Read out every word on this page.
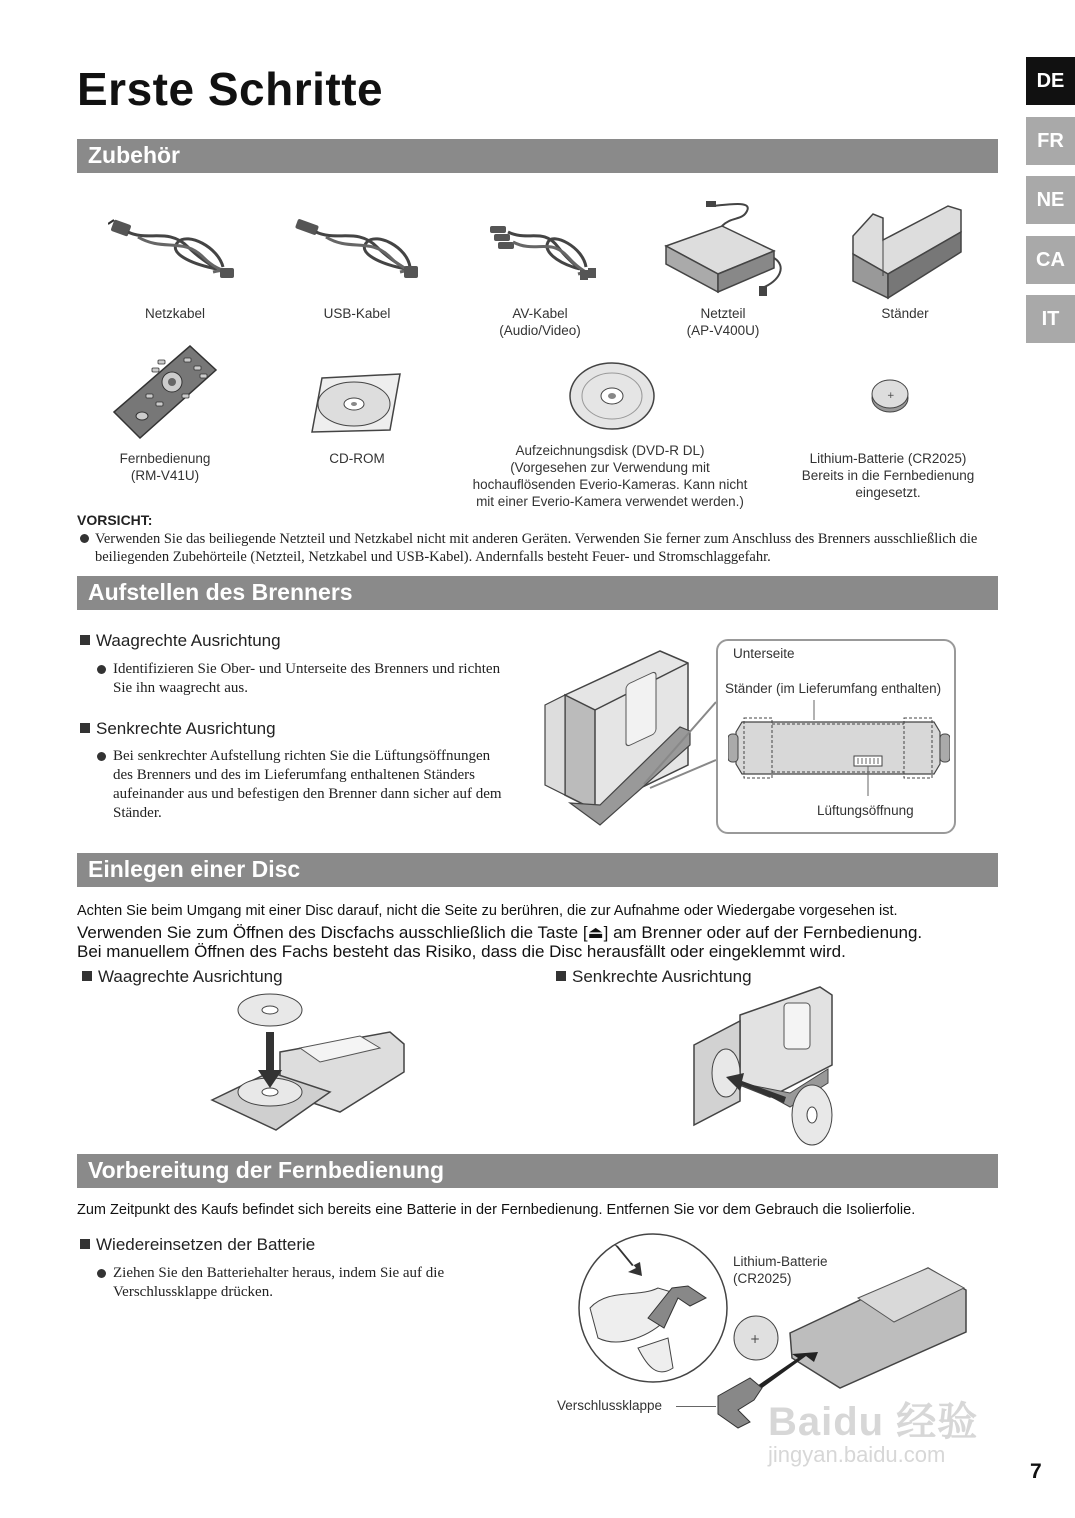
Erste Schritte	DE
FR
NE
CA
IT
Zubehör
Netzkabel	USB-Kabel	AV-Kabel
(Audio/Video)
Netzteil
(AP-V400U)
Ständer
+
Fernbedienung
(RM-V41U)
CD-ROM
Aufzeichnungsdisk (DVD-R DL)
(Vorgesehen zur Verwendung mit
hochauflösenden Everio-Kameras. Kann nicht
mit einer Everio-Kamera verwendet werden.)
Lithium-Batterie (CR2025)
Bereits in die Fernbedienung
eingesetzt.
VORSICHT:
Verwenden Sie das beiliegende Netzteil und Netzkabel nicht mit anderen Geräten. Verwenden Sie ferner zum Anschluss des Brenners ausschließlich die beiliegenden Zubehörteile (Netzteil, Netzkabel und USB-Kabel). Andernfalls besteht Feuer- und Stromschlaggefahr.
Aufstellen des Brenners
Waagrechte Ausrichtung
Identifizieren Sie Ober- und Unterseite des Brenners und richten Sie ihn waagrecht aus.
Senkrechte Ausrichtung
Bei senkrechter Aufstellung richten Sie die Lüftungsöffnungen des Brenners und des im Lieferumfang enthaltenen Ständers aufeinander aus und befestigen den Brenner dann sicher auf dem Ständer.
Unterseite
Ständer (im Lieferumfang enthalten)
Lüftungsöffnung
Einlegen einer Disc
Achten Sie beim Umgang mit einer Disc darauf, nicht die Seite zu berühren, die zur Aufnahme oder Wiedergabe vorgesehen ist.
Verwenden Sie zum Öffnen des Discfachs ausschließlich die Taste [⏏] am Brenner oder auf der Fernbedienung.
Bei manuellem Öffnen des Fachs besteht das Risiko, dass die Disc herausfällt oder eingeklemmt wird.
Waagrechte Ausrichtung	Senkrechte Ausrichtung
Vorbereitung der Fernbedienung
Zum Zeitpunkt des Kaufs befindet sich bereits eine Batterie in der Fernbedienung. Entfernen Sie vor dem Gebrauch die Isolierfolie.
Wiedereinsetzen der Batterie
Ziehen Sie den Batteriehalter heraus, indem Sie auf die Verschlussklappe drücken.
+
Lithium-Batterie
(CR2025)
Verschlussklappe	Baidu 经验
jingyan.baidu.com
7
